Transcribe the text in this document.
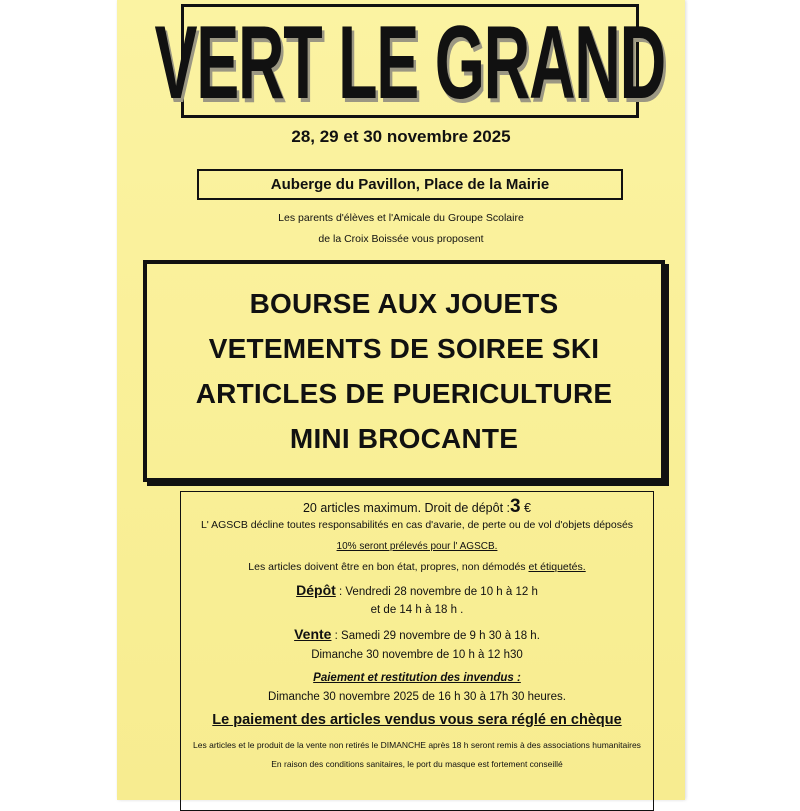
VERT LE GRAND
28, 29 et 30 novembre 2025
Auberge du Pavillon, Place de la Mairie
Les parents d'élèves et l'Amicale du Groupe Scolaire
de la Croix Boissée vous proposent
BOURSE AUX JOUETS
VETEMENTS DE SOIREE SKI
ARTICLES DE PUERICULTURE
MINI BROCANTE
20 articles maximum. Droit de dépôt :3 €
L' AGSCB décline toutes responsabilités en cas d'avarie, de perte ou de vol d'objets déposés
10% seront prélevés pour l' AGSCB.
Les articles doivent être en bon état, propres, non démodés et étiquetés.
Dépôt : Vendredi 28 novembre de 10 h à 12 h
et de 14 h à 18 h .
Vente : Samedi 29 novembre de 9 h 30 à 18 h.
Dimanche 30 novembre de 10 h à 12 h30
Paiement et restitution des invendus :
Dimanche 30 novembre 2025 de 16 h 30 à 17h 30 heures.
Le paiement des articles vendus vous sera réglé en chèque
Les articles et le produit de la vente non retirés le DIMANCHE après 18 h seront remis à des associations humanitaires
En raison des conditions sanitaires, le port du masque est fortement conseillé
